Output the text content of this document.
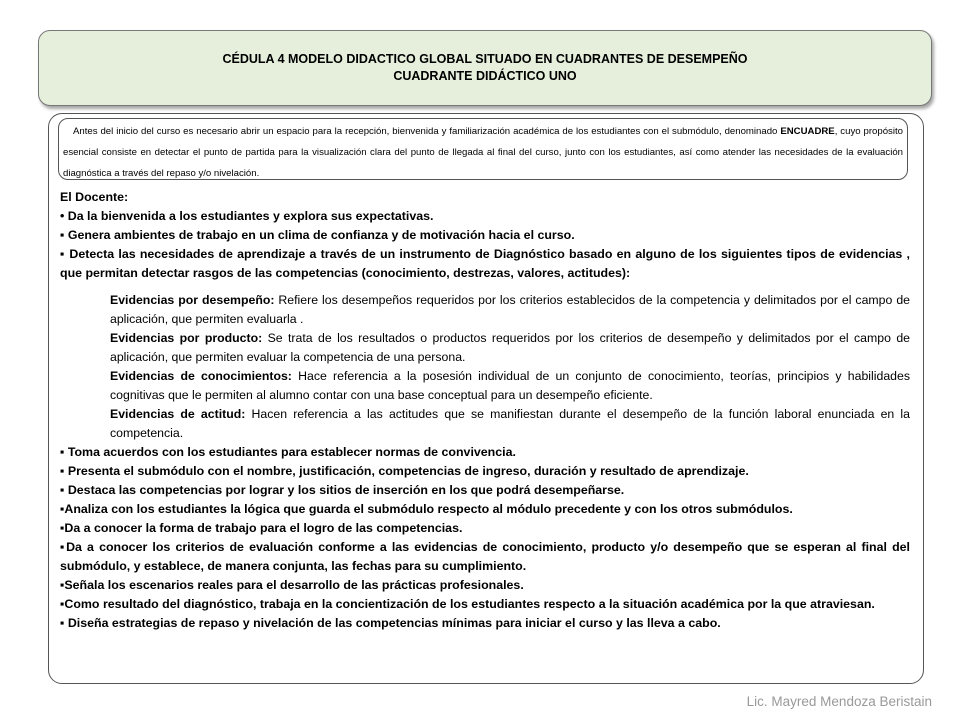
CÉDULA 4 MODELO DIDACTICO GLOBAL SITUADO EN CUADRANTES DE DESEMPEÑO
CUADRANTE DIDÁCTICO UNO
Antes del inicio del curso es necesario abrir un espacio para la recepción, bienvenida y familiarización académica de los estudiantes con el submódulo, denominado ENCUADRE, cuyo propósito esencial consiste en detectar el punto de partida para la visualización clara del punto de llegada al final del curso, junto con los estudiantes, así como atender las necesidades de la evaluación diagnóstica a través del repaso y/o nivelación.

El Docente:

• Da la bienvenida a los estudiantes y explora sus expectativas.

▪ Genera ambientes de trabajo en un clima de confianza y de motivación hacia el curso.

▪ Detecta las necesidades de aprendizaje a través de un instrumento de Diagnóstico basado en alguno de los siguientes tipos de evidencias , que permitan detectar rasgos de las competencias (conocimiento, destrezas, valores, actitudes):

Evidencias por desempeño: Refiere los desempeños requeridos por los criterios establecidos de la competencia y delimitados por el campo de aplicación, que permiten evaluarla .

Evidencias por producto: Se trata de los resultados o productos requeridos por los criterios de desempeño y delimitados por el campo de aplicación, que permiten evaluar la competencia de una persona.

Evidencias de conocimientos: Hace referencia a la posesión individual de un conjunto de conocimiento, teorías, principios y habilidades cognitivas que le permiten al alumno contar con una base conceptual para un desempeño eficiente.

Evidencias de actitud: Hacen referencia a las actitudes que se manifiestan durante el desempeño de la función laboral enunciada en la competencia.

▪ Toma acuerdos con los estudiantes para establecer normas de convivencia.

▪ Presenta el submódulo con el nombre, justificación, competencias de ingreso, duración y resultado de aprendizaje.

▪ Destaca las competencias por lograr y los sitios de inserción en los que podrá desempeñarse.

▪Analiza con los estudiantes la lógica que guarda el submódulo respecto al módulo precedente y con los otros submódulos.

▪Da a conocer la forma de trabajo para el logro de las competencias.

▪Da a conocer los criterios de evaluación conforme a las evidencias de conocimiento, producto y/o desempeño que se esperan al final del submódulo, y establece, de manera conjunta, las fechas para su cumplimiento.

▪Señala los escenarios reales para el desarrollo de las prácticas profesionales.

▪Como resultado del diagnóstico, trabaja en la concientización de los estudiantes respecto a la situación académica por la que atraviesan.

▪ Diseña estrategias de repaso y nivelación de las competencias mínimas para iniciar el curso y las lleva a cabo.

Lic. Mayred Mendoza Beristain
